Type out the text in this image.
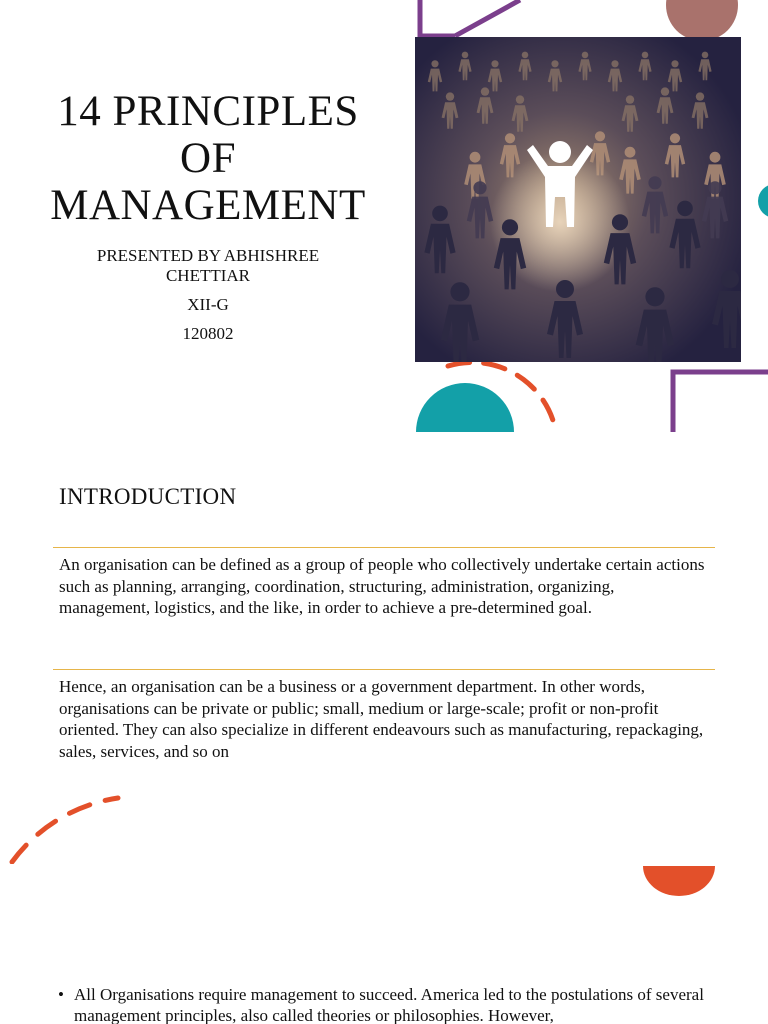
14 PRINCIPLES
OF
MANAGEMENT
PRESENTED BY ABHISHREE
CHETTIAR
XII-G
120802
INTRODUCTION
An organisation can be defined as a group of people who collectively undertake certain actions such as planning, arranging, coordination, structuring, administration, organizing, management, logistics, and the like, in order to achieve a pre-determined goal.
Hence, an organisation can be a business or a government department. In other words, organisations can be private or public; small, medium or large-scale; profit or non-profit oriented. They can also specialize in different endeavours such as manufacturing, repackaging, sales, services, and so on
• All Organisations require management to succeed. America led to the postulations of several management principles, also called theories or philosophies. However,
